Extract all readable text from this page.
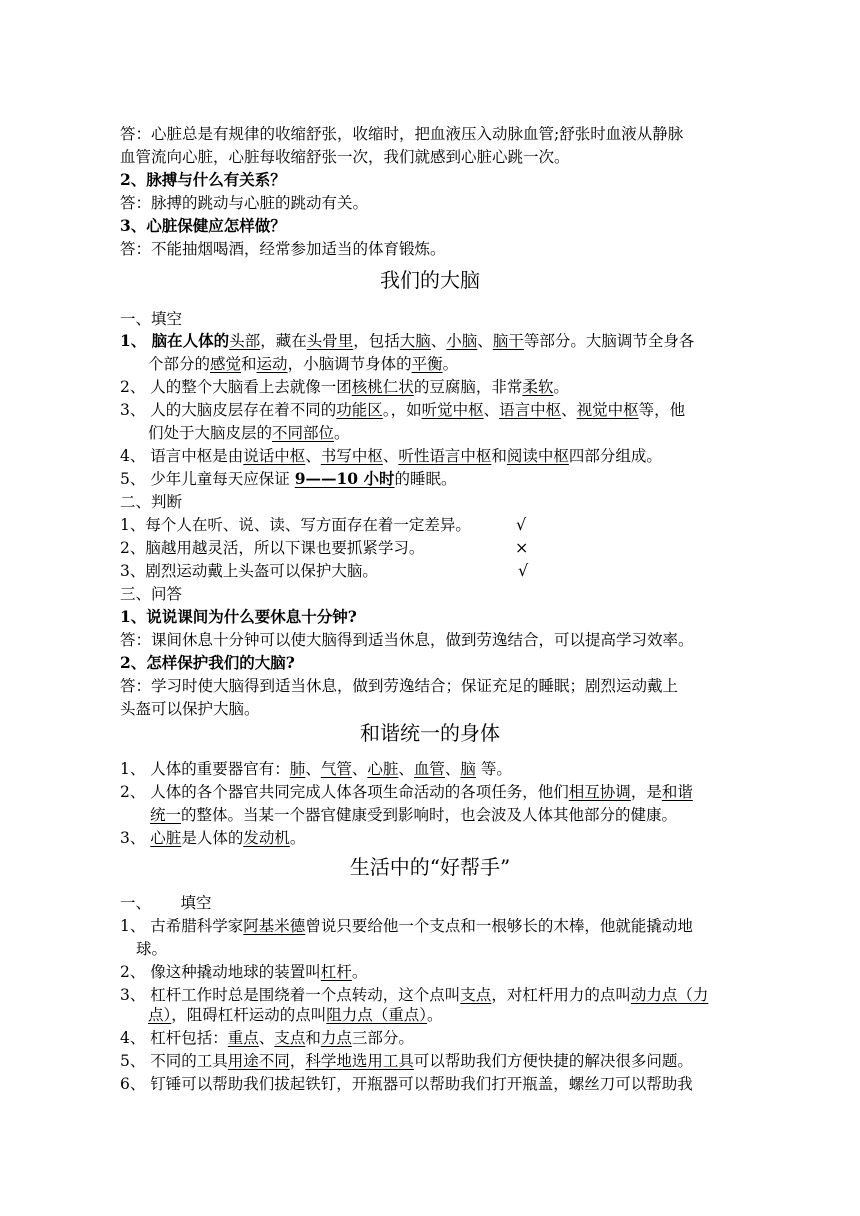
答：心脏总是有规律的收缩舒张，收缩时，把血液压入动脉血管;舒张时血液从静脉
血管流向心脏，心脏每收缩舒张一次，我们就感到心脏心跳一次。
2、脉搏与什么有关系？
答：脉搏的跳动与心脏的跳动有关。
3、心脏保健应怎样做？
答：不能抽烟喝酒，经常参加适当的体育锻炼。
我们的大脑
一、填空
1、 脑在人体的头部，藏在头骨里，包括大脑、小脑、脑干等部分。大脑调节全身各
个部分的感觉和运动，小脑调节身体的平衡。
2、 人的整个大脑看上去就像一团核桃仁状的豆腐脑，非常柔软。
3、 人的大脑皮层存在着不同的功能区。，如听觉中枢、语言中枢、视觉中枢等，他
们处于大脑皮层的不同部位。
4、 语言中枢是由说话中枢、书写中枢、听性语言中枢和阅读中枢四部分组成。
5、 少年儿童每天应保证 9——10 小时的睡眠。
二、判断
1、每个人在听、说、读、写方面存在着一定差异。	√
2、脑越用越灵活，所以下课也要抓紧学习。	×
3、剧烈运动戴上头盔可以保护大脑。	√
三、问答
1、说说课间为什么要休息十分钟?
答：课间休息十分钟可以使大脑得到适当休息，做到劳逸结合，可以提高学习效率。
2、怎样保护我们的大脑?
答：学习时使大脑得到适当休息，做到劳逸结合；保证充足的睡眠；剧烈运动戴上
头盔可以保护大脑。
和谐统一的身体
1、 人体的重要器官有：肺、气管、心脏、血管、脑 等。
2、 人体的各个器官共同完成人体各项生命活动的各项任务，他们相互协调，是和谐
统一的整体。当某一个器官健康受到影响时，也会波及人体其他部分的健康。
3、 心脏是人体的发动机。
生活中的“好帮手”
一、      填空
1、 古希腊科学家阿基米德曾说只要给他一个支点和一根够长的木棒，他就能撬动地
球。
2、 像这种撬动地球的装置叫杠杆。
3、 杠杆工作时总是围绕着一个点转动，这个点叫支点，对杠杆用力的点叫动力点（力
点），阻碍杠杆运动的点叫阻力点（重点）。
4、 杠杆包括：重点、支点和力点三部分。
5、 不同的工具用途不同，科学地选用工具可以帮助我们方便快捷的解决很多问题。
6、 钉锤可以帮助我们拔起铁钉，开瓶器可以帮助我们打开瓶盖，螺丝刀可以帮助我
